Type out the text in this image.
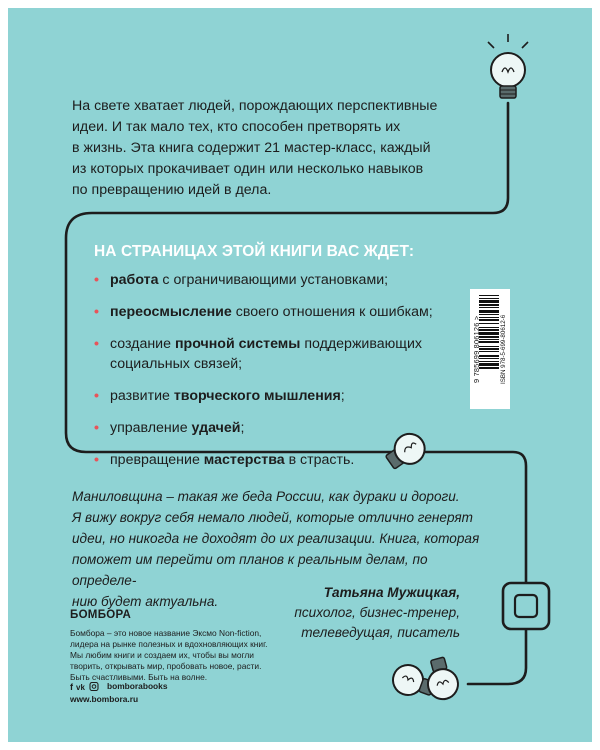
На свете хватает людей, порождающих перспективные
идеи. И так мало тех, кто способен претворять их
в жизнь. Эта книга содержит 21 мастер-класс, каждый
из которых прокачивает один или несколько навыков
по превращению идей в дела.

НА СТРАНИЦАХ ЭТОЙ КНИГИ ВАС ЖДЕТ:
• работа с ограничивающими установками;
• переосмысление своего отношения к ошибкам;
• создание прочной системы поддерживающих социальных связей;
• развитие творческого мышления;
• управление удачей;
• превращение мастерства в страсть.
ISBN 978-5-699-80612-6
9 785699 806126 >

Маниловщина – такая же беда России, как дураки и дороги.
Я вижу вокруг себя немало людей, которые отлично генерят
идеи, но никогда не доходят до их реализации. Книга, которая
поможет им перейти от планов к реальным делам, по определе-
нию будет актуальна.

Татьяна Мужицкая,
психолог, бизнес-тренер,
телеведущая, писатель
БОМБОРА

Бомбора – это новое название Эксмо Non-fiction,
лидера на рынке полезных и вдохновляющих книг.
Мы любим книги и создаем их, чтобы вы могли
творить, открывать мир, пробовать новое, расти.
Быть счастливыми. Быть на волне.

f vk	bomborabooks
www.bombora.ru
